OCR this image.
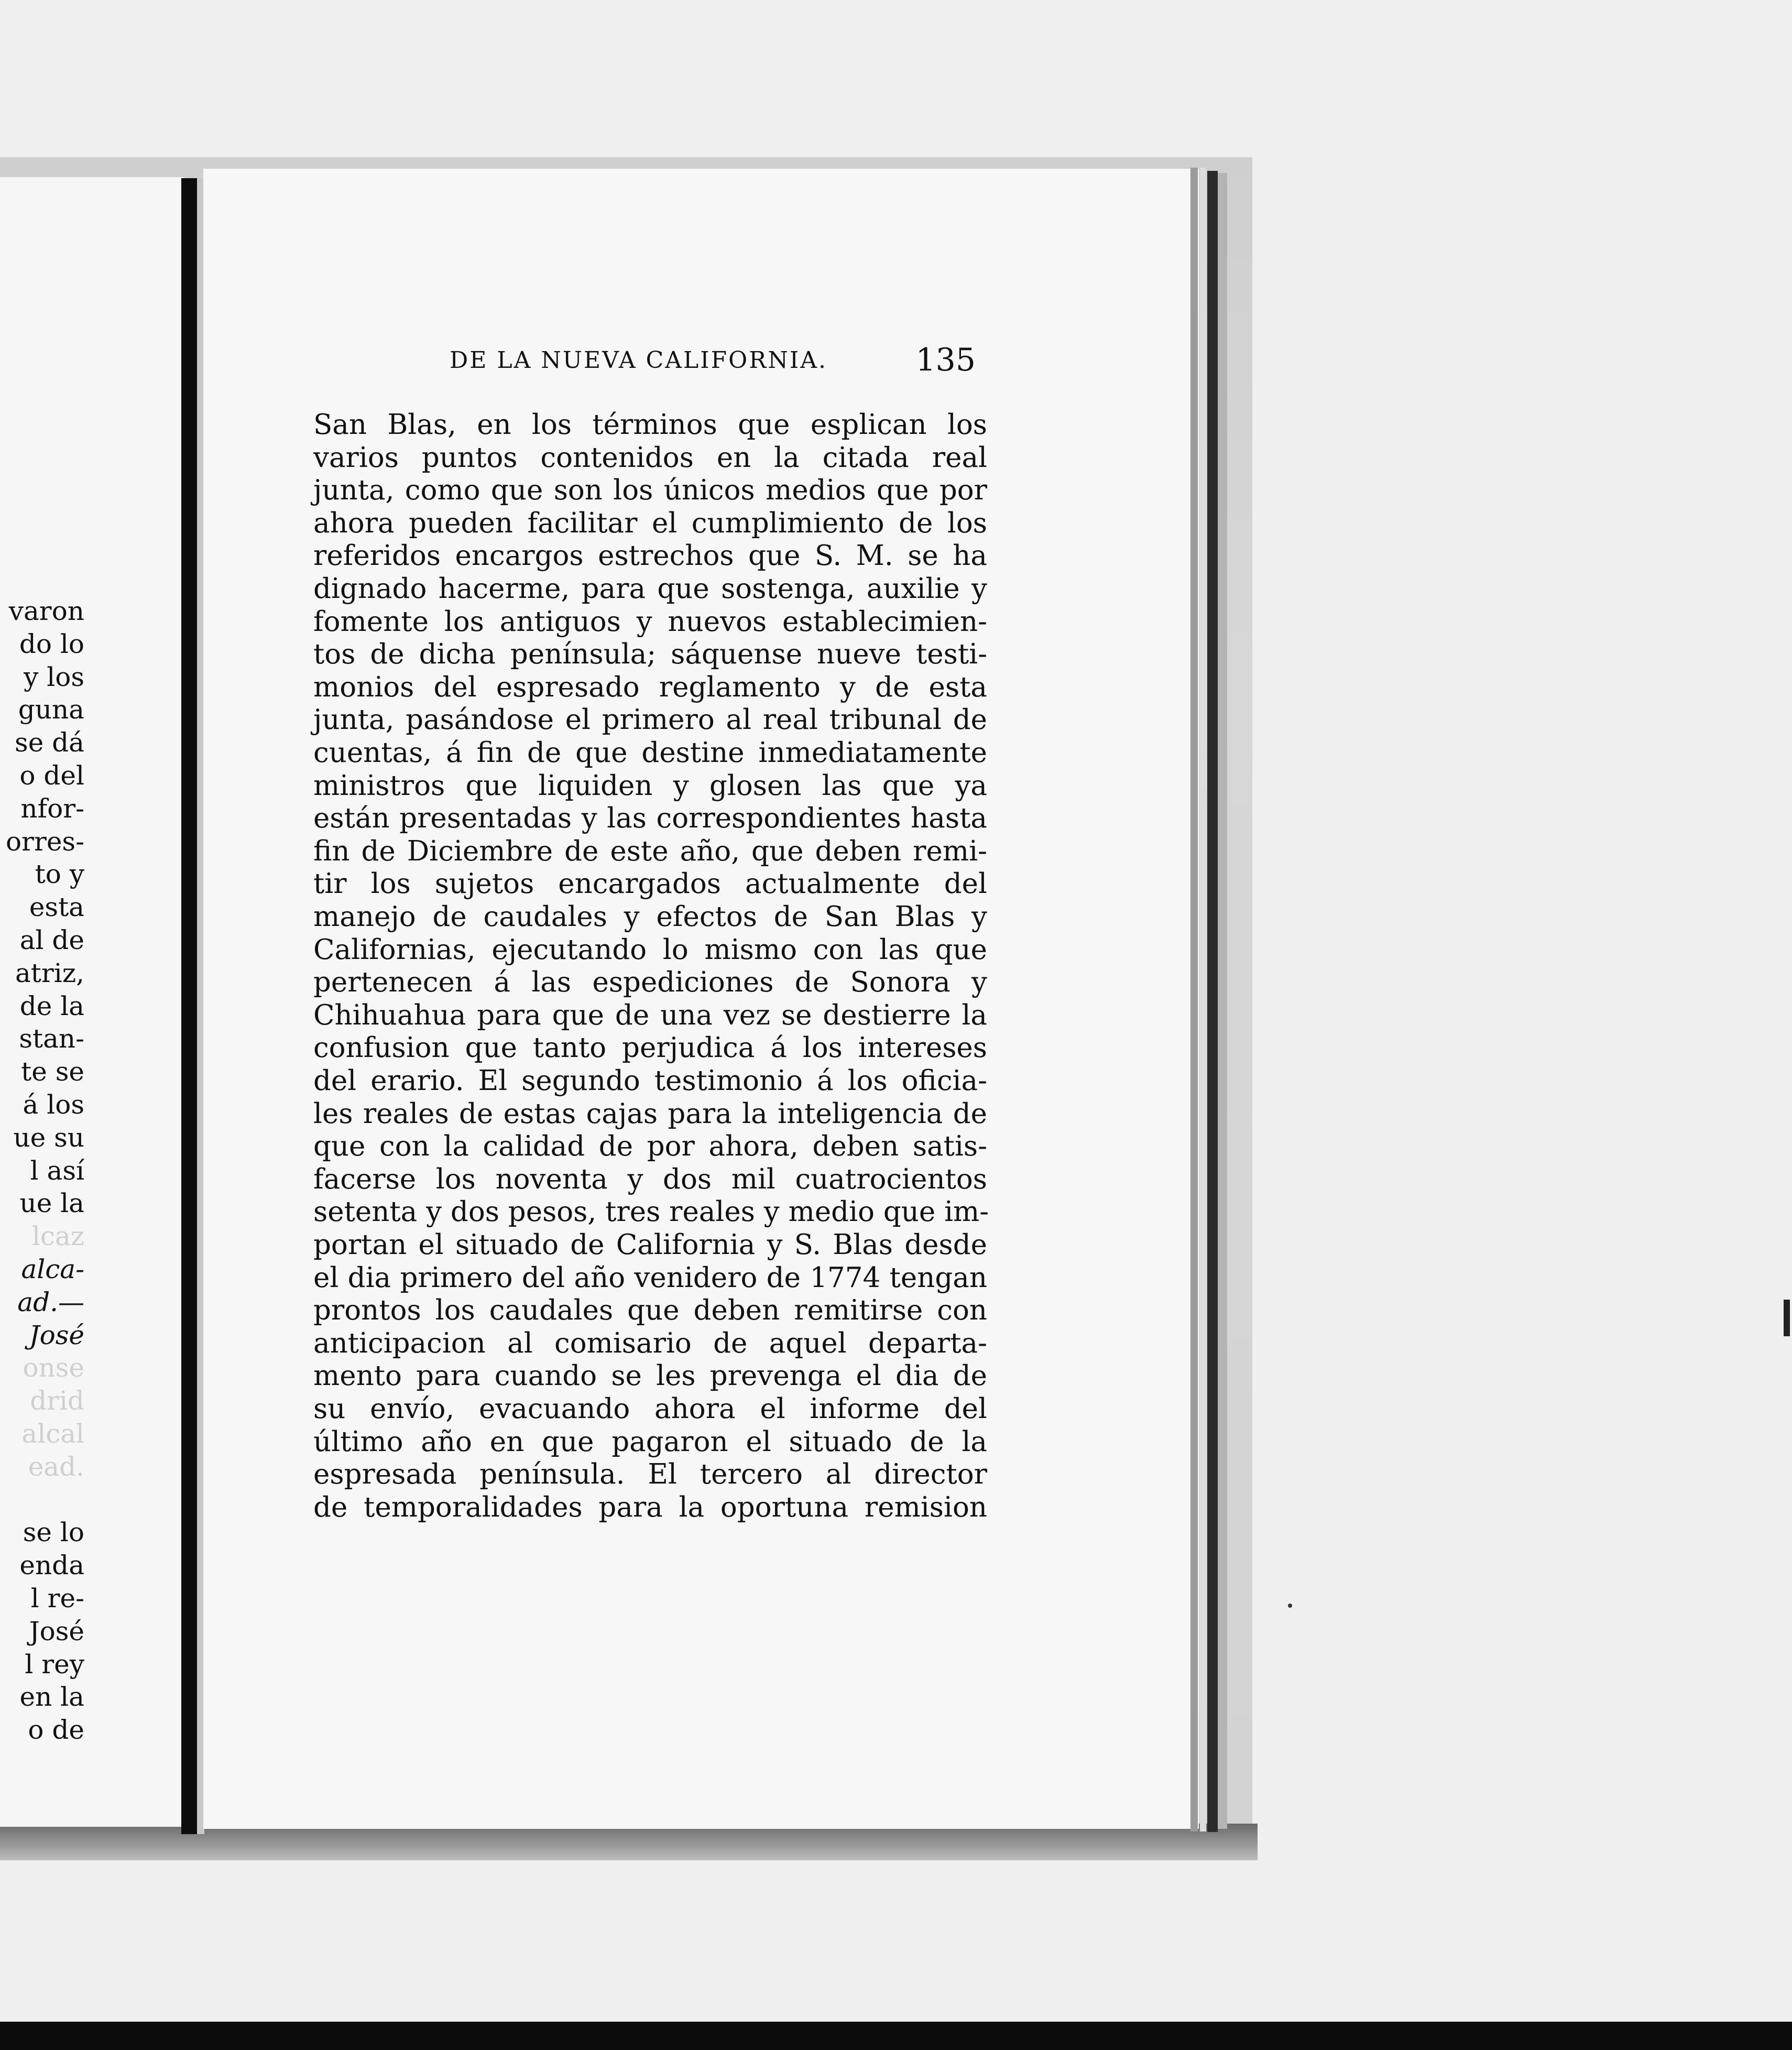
varon
do lo
y los
guna
se dá
o del
nfor-
orres-
to y
esta
al de
atriz,
de la
stan-
te se
á los
ue su
l así
ue la
lcaz
alca-
ad.—
José
onse
drid
alcal
ead.
se lo
enda
l re-
José
l rey
en la
o de
DE LA NUEVA CALIFORNIA.	135
San Blas, en los términos que esplican los
varios puntos contenidos en la citada real
junta, como que son los únicos medios que por
ahora pueden facilitar el cumplimiento de los
referidos encargos estrechos que S. M. se ha
dignado hacerme, para que sostenga, auxilie y
fomente los antiguos y nuevos establecimien-
tos de dicha península; sáquense nueve testi-
monios del espresado reglamento y de esta
junta, pasándose el primero al real tribunal de
cuentas, á fin de que destine inmediatamente
ministros que liquiden y glosen las que ya
están presentadas y las correspondientes hasta
fin de Diciembre de este año, que deben remi-
tir los sujetos encargados actualmente del
manejo de caudales y efectos de San Blas y
Californias, ejecutando lo mismo con las que
pertenecen á las espediciones de Sonora y
Chihuahua para que de una vez se destierre la
confusion que tanto perjudica á los intereses
del erario. El segundo testimonio á los oficia-
les reales de estas cajas para la inteligencia de
que con la calidad de por ahora, deben satis-
facerse los noventa y dos mil cuatrocientos
setenta y dos pesos, tres reales y medio que im-
portan el situado de California y S. Blas desde
el dia primero del año venidero de 1774 tengan
prontos los caudales que deben remitirse con
anticipacion al comisario de aquel departa-
mento para cuando se les prevenga el dia de
su envío, evacuando ahora el informe del
último año en que pagaron el situado de la
espresada península. El tercero al director
de temporalidades para la oportuna remision
